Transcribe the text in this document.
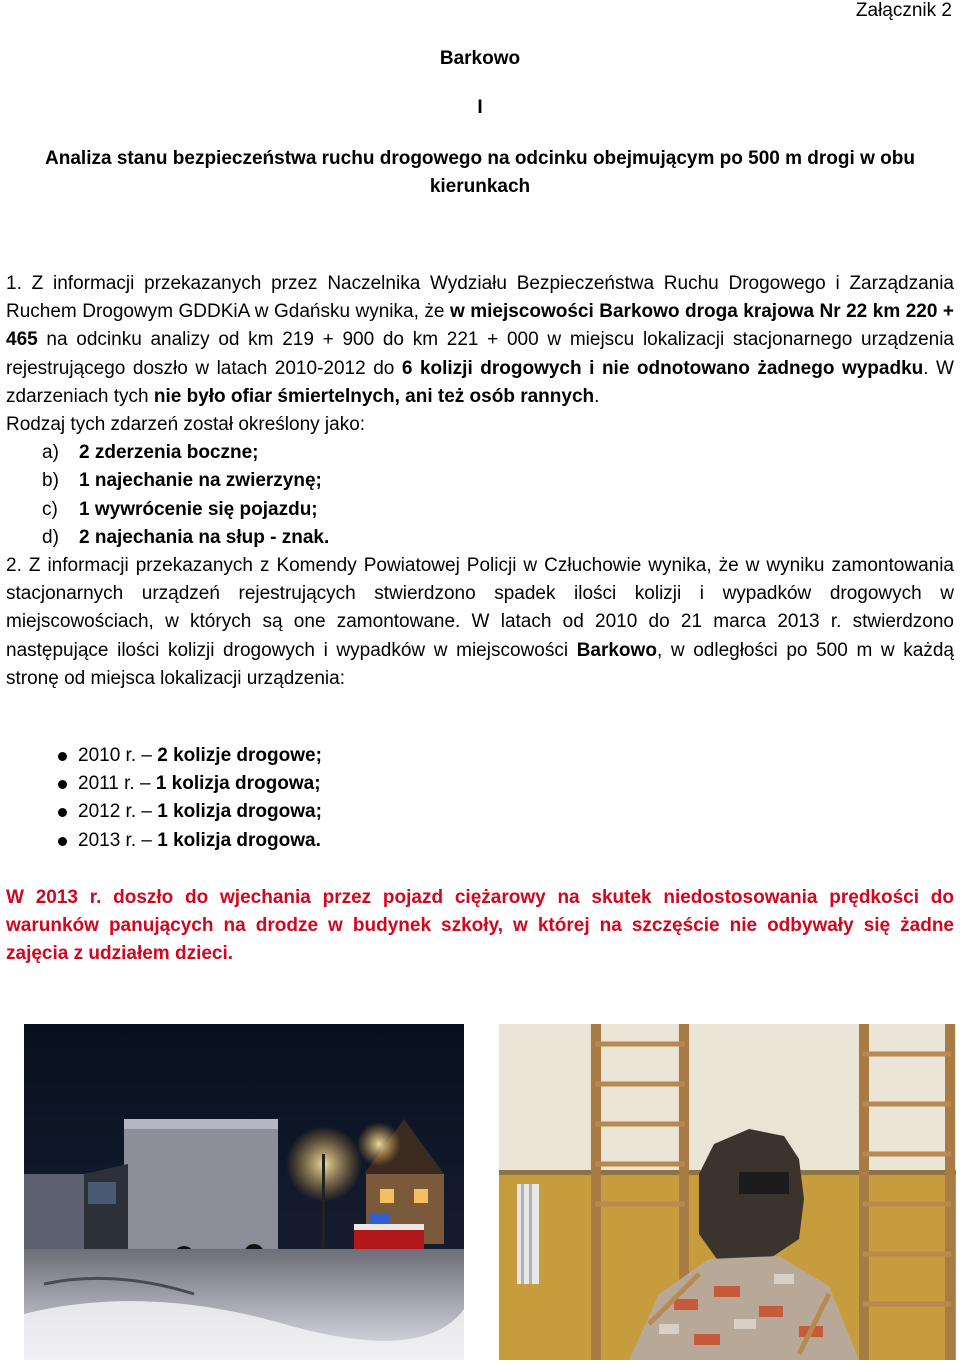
Załącznik 2
Barkowo
I
Analiza stanu bezpieczeństwa ruchu drogowego na odcinku obejmującym po 500 m drogi w obu kierunkach

1. Z informacji przekazanych przez Naczelnika Wydziału Bezpieczeństwa Ruchu Drogowego i Zarządzania Ruchem Drogowym GDDKiA w Gdańsku wynika, że w miejscowości Barkowo droga krajowa Nr 22 km 220 + 465 na odcinku analizy od km 219 + 900 do km 221 + 000 w miejscu lokalizacji stacjonarnego urządzenia rejestrującego doszło w latach 2010-2012 do 6 kolizji drogowych i nie odnotowano żadnego wypadku. W zdarzeniach tych nie było ofiar śmiertelnych, ani też osób rannych.

Rodzaj tych zdarzeń został określony jako:

a) 2 zderzenia boczne;
b) 1 najechanie na zwierzynę;
c) 1 wywrócenie się pojazdu;
d) 2 najechania na słup - znak.

2. Z informacji przekazanych z Komendy Powiatowej Policji w Człuchowie wynika, że w wyniku zamontowania stacjonarnych urządzeń rejestrujących stwierdzono spadek ilości kolizji i wypadków drogowych w miejscowościach, w których są one zamontowane. W latach od 2010 do 21 marca 2013 r. stwierdzono następujące ilości kolizji drogowych i wypadków w miejscowości Barkowo, w odległości po 500 m w każdą stronę od miejsca lokalizacji urządzenia:

2010 r. – 2 kolizje drogowe;
2011 r. – 1 kolizja drogowa;
2012 r. – 1 kolizja drogowa;
2013 r. – 1 kolizja drogowa.

W 2013 r. doszło do wjechania przez pojazd ciężarowy na skutek niedostosowania prędkości do warunków panujących na drodze w budynek szkoły, w której na szczęście nie odbywały się żadne zajęcia z udziałem dzieci.
